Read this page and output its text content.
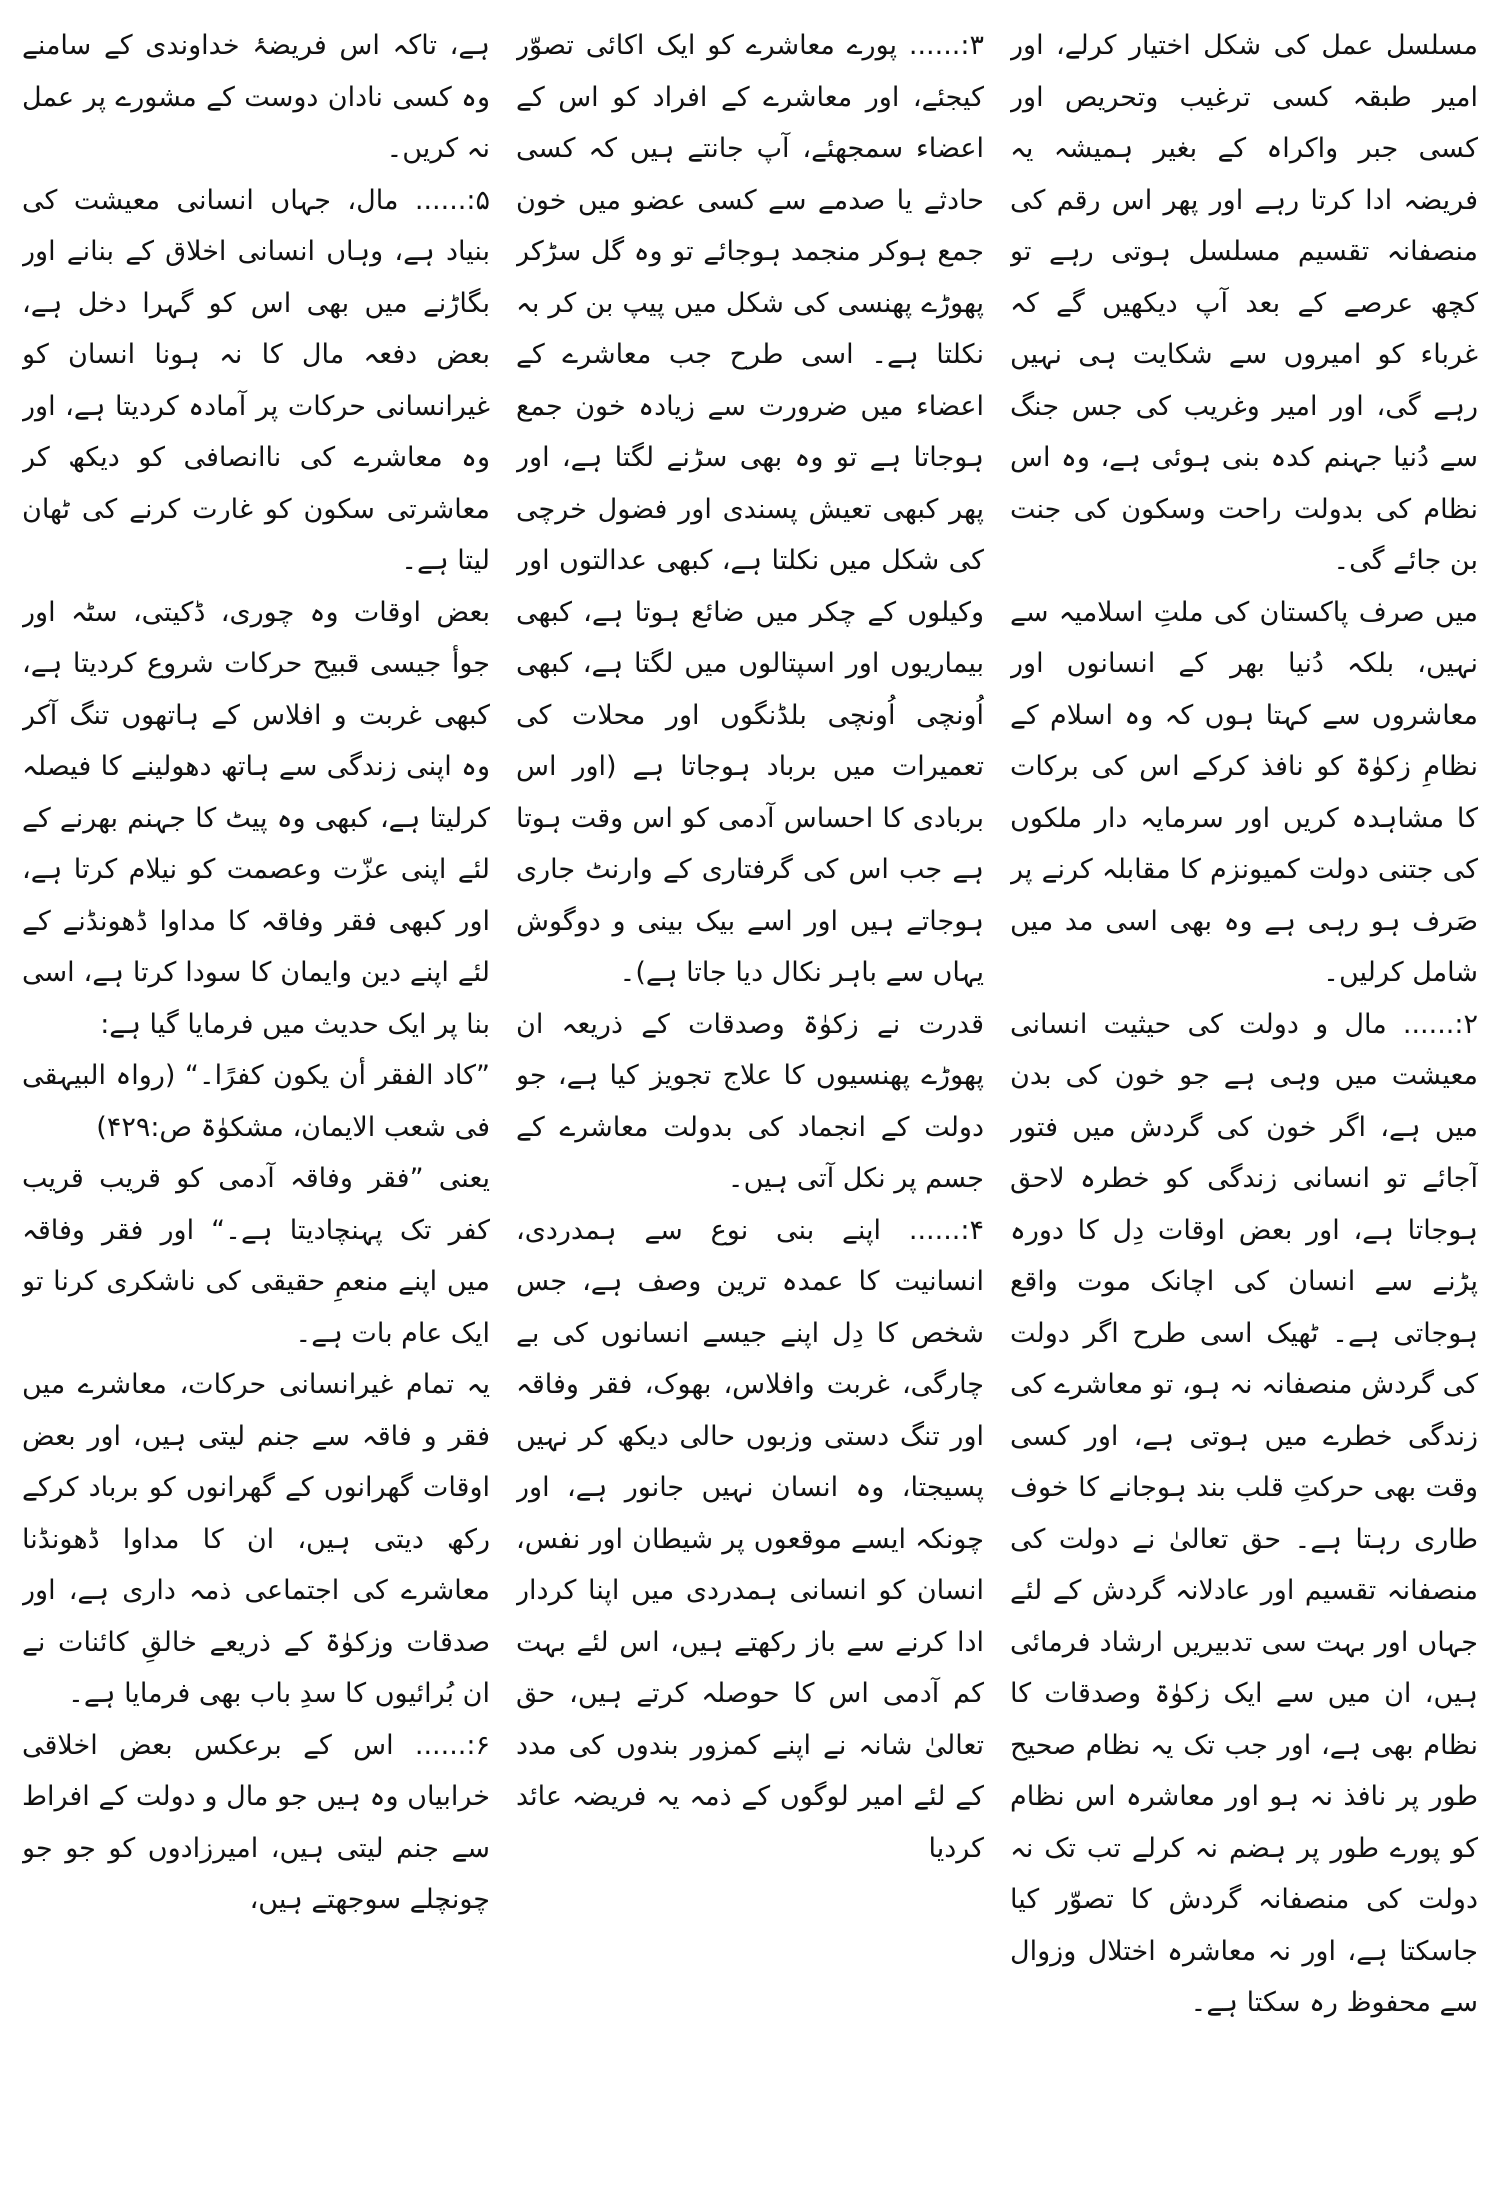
مسلسل عمل کی شکل اختیار کرلے، اور امیر طبقہ کسی ترغیب وتحریص اور کسی جبر واکراہ کے بغیر ہمیشہ یہ فریضہ ادا کرتا رہے اور پھر اس رقم کی منصفانہ تقسیم مسلسل ہوتی رہے تو کچھ عرصے کے بعد آپ دیکھیں گے کہ غرباء کو امیروں سے شکایت ہی نہیں رہے گی، اور امیر وغریب کی جس جنگ سے دُنیا جہنم کدہ بنی ہوئی ہے، وہ اس نظام کی بدولت راحت وسکون کی جنت بن جائے گی۔

میں صرف پاکستان کی ملتِ اسلامیہ سے نہیں، بلکہ دُنیا بھر کے انسانوں اور معاشروں سے کہتا ہوں کہ وہ اسلام کے نظامِ زکوٰۃ کو نافذ کرکے اس کی برکات کا مشاہدہ کریں اور سرمایہ دار ملکوں کی جتنی دولت کمیونزم کا مقابلہ کرنے پر صَرف ہو رہی ہے وہ بھی اسی مد میں شامل کرلیں۔

۲:...... مال و دولت کی حیثیت انسانی معیشت میں وہی ہے جو خون کی بدن میں ہے، اگر خون کی گردش میں فتور آجائے تو انسانی زندگی کو خطرہ لاحق ہوجاتا ہے، اور بعض اوقات دِل کا دورہ پڑنے سے انسان کی اچانک موت واقع ہوجاتی ہے۔ ٹھیک اسی طرح اگر دولت کی گردش منصفانہ نہ ہو، تو معاشرے کی زندگی خطرے میں ہوتی ہے، اور کسی وقت بھی حرکتِ قلب بند ہوجانے کا خوف طاری رہتا ہے۔ حق تعالیٰ نے دولت کی منصفانہ تقسیم اور عادلانہ گردش کے لئے جہاں اور بہت سی تدبیریں ارشاد فرمائی ہیں، ان میں سے ایک زکوٰۃ وصدقات کا نظام بھی ہے، اور جب تک یہ نظام صحیح طور پر نافذ نہ ہو اور معاشرہ اس نظام کو پورے طور پر ہضم نہ کرلے تب تک نہ دولت کی منصفانہ گردش کا تصوّر کیا جاسکتا ہے، اور نہ معاشرہ اختلال وزوال سے محفوظ رہ سکتا ہے۔

۳:...... پورے معاشرے کو ایک اکائی تصوّر کیجئے، اور معاشرے کے افراد کو اس کے اعضاء سمجھئے، آپ جانتے ہیں کہ کسی حادثے یا صدمے سے کسی عضو میں خون جمع ہوکر منجمد ہوجائے تو وہ گل سڑکر پھوڑے پھنسی کی شکل میں پیپ بن کر بہ نکلتا ہے۔ اسی طرح جب معاشرے کے اعضاء میں ضرورت سے زیادہ خون جمع ہوجاتا ہے تو وہ بھی سڑنے لگتا ہے، اور پھر کبھی تعیش پسندی اور فضول خرچی کی شکل میں نکلتا ہے، کبھی عدالتوں اور وکیلوں کے چکر میں ضائع ہوتا ہے، کبھی بیماریوں اور اسپتالوں میں لگتا ہے، کبھی اُونچی اُونچی بلڈنگوں اور محلات کی تعمیرات میں برباد ہوجاتا ہے (اور اس بربادی کا احساس آدمی کو اس وقت ہوتا ہے جب اس کی گرفتاری کے وارنٹ جاری ہوجاتے ہیں اور اسے بیک بینی و دوگوش یہاں سے باہر نکال دیا جاتا ہے)۔

قدرت نے زکوٰۃ وصدقات کے ذریعہ ان پھوڑے پھنسیوں کا علاج تجویز کیا ہے، جو دولت کے انجماد کی بدولت معاشرے کے جسم پر نکل آتی ہیں۔

۴:...... اپنے بنی نوع سے ہمدردی، انسانیت کا عمدہ ترین وصف ہے، جس شخص کا دِل اپنے جیسے انسانوں کی بے چارگی، غربت وافلاس، بھوک، فقر وفاقہ اور تنگ دستی وزبوں حالی دیکھ کر نہیں پسیجتا، وہ انسان نہیں جانور ہے، اور چونکہ ایسے موقعوں پر شیطان اور نفس، انسان کو انسانی ہمدردی میں اپنا کردار ادا کرنے سے باز رکھتے ہیں، اس لئے بہت کم آدمی اس کا حوصلہ کرتے ہیں، حق تعالیٰ شانہ نے اپنے کمزور بندوں کی مدد کے لئے امیر لوگوں کے ذمہ یہ فریضہ عائد کردیا

ہے، تاکہ اس فریضۂ خداوندی کے سامنے وہ کسی نادان دوست کے مشورے پر عمل نہ کریں۔

۵:...... مال، جہاں انسانی معیشت کی بنیاد ہے، وہاں انسانی اخلاق کے بنانے اور بگاڑنے میں بھی اس کو گہرا دخل ہے، بعض دفعہ مال کا نہ ہونا انسان کو غیرانسانی حرکات پر آمادہ کردیتا ہے، اور وہ معاشرے کی ناانصافی کو دیکھ کر معاشرتی سکون کو غارت کرنے کی ٹھان لیتا ہے۔

بعض اوقات وہ چوری، ڈکیتی، سٹہ اور جوأ جیسی قبیح حرکات شروع کردیتا ہے، کبھی غربت و افلاس کے ہاتھوں تنگ آکر وہ اپنی زندگی سے ہاتھ دھولینے کا فیصلہ کرلیتا ہے، کبھی وہ پیٹ کا جہنم بھرنے کے لئے اپنی عزّت وعصمت کو نیلام کرتا ہے، اور کبھی فقر وفاقہ کا مداوا ڈھونڈنے کے لئے اپنے دین وایمان کا سودا کرتا ہے، اسی بنا پر ایک حدیث میں فرمایا گیا ہے:

”کاد الفقر أن یکون کفرًا۔“ (رواہ البیہقی فی شعب الایمان، مشکوٰۃ ص:۴۲۹)

یعنی ”فقر وفاقہ آدمی کو قریب قریب کفر تک پہنچادیتا ہے۔“ اور فقر وفاقہ میں اپنے منعمِ حقیقی کی ناشکری کرنا تو ایک عام بات ہے۔

یہ تمام غیرانسانی حرکات، معاشرے میں فقر و فاقہ سے جنم لیتی ہیں، اور بعض اوقات گھرانوں کے گھرانوں کو برباد کرکے رکھ دیتی ہیں، ان کا مداوا ڈھونڈنا معاشرے کی اجتماعی ذمہ داری ہے، اور صدقات وزکوٰۃ کے ذریعے خالقِ کائنات نے ان بُرائیوں کا سدِ باب بھی فرمایا ہے۔

۶:...... اس کے برعکس بعض اخلاقی خرابیاں وہ ہیں جو مال و دولت کے افراط سے جنم لیتی ہیں، امیرزادوں کو جو جو چونچلے سوجھتے ہیں،
